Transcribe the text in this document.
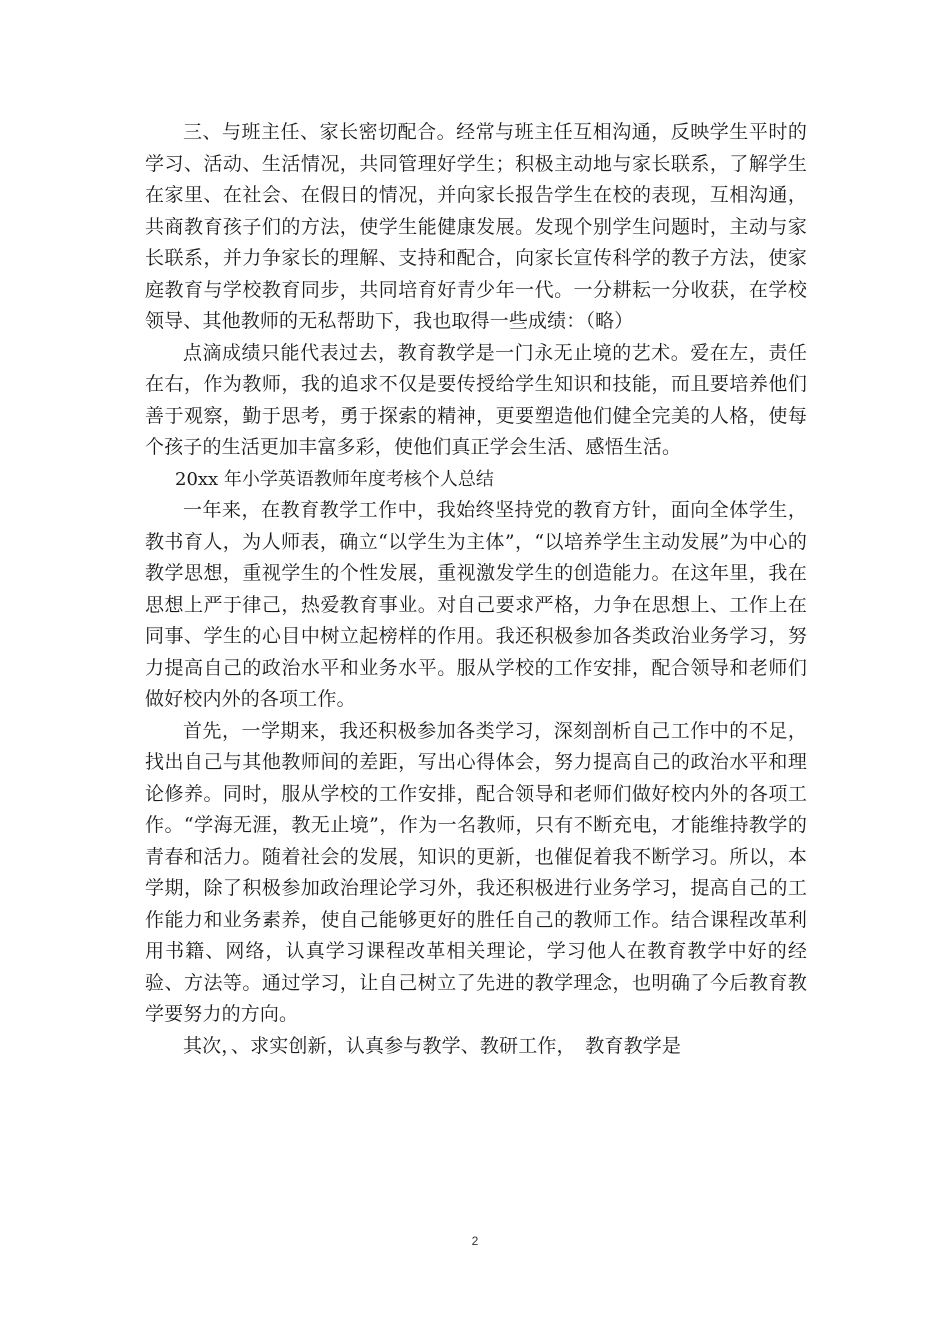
三、与班主任、家长密切配合。经常与班主任互相沟通，反映学生平时的学习、活动、生活情况，共同管理好学生；积极主动地与家长联系，了解学生在家里、在社会、在假日的情况，并向家长报告学生在校的表现，互相沟通，共商教育孩子们的方法，使学生能健康发展。发现个别学生问题时，主动与家长联系，并力争家长的理解、支持和配合，向家长宣传科学的教子方法，使家庭教育与学校教育同步，共同培育好青少年一代。一分耕耘一分收获，在学校领导、其他教师的无私帮助下，我也取得一些成绩：（略）

点滴成绩只能代表过去，教育教学是一门永无止境的艺术。爱在左，责任在右，作为教师，我的追求不仅是要传授给学生知识和技能，而且要培养他们善于观察，勤于思考，勇于探索的精神，更要塑造他们健全完美的人格，使每个孩子的生活更加丰富多彩，使他们真正学会生活、感悟生活。

20xx 年小学英语教师年度考核个人总结

一年来，在教育教学工作中，我始终坚持党的教育方针，面向全体学生，教书育人，为人师表，确立“以学生为主体”，“以培养学生主动发展”为中心的教学思想，重视学生的个性发展，重视激发学生的创造能力。在这年里，我在思想上严于律己，热爱教育事业。对自己要求严格，力争在思想上、工作上在同事、学生的心目中树立起榜样的作用。我还积极参加各类政治业务学习，努力提高自己的政治水平和业务水平。服从学校的工作安排，配合领导和老师们做好校内外的各项工作。

首先，一学期来，我还积极参加各类学习，深刻剖析自己工作中的不足，找出自己与其他教师间的差距，写出心得体会，努力提高自己的政治水平和理论修养。同时，服从学校的工作安排，配合领导和老师们做好校内外的各项工作。“学海无涯，教无止境”，作为一名教师，只有不断充电，才能维持教学的青春和活力。随着社会的发展，知识的更新，也催促着我不断学习。所以，本学期，除了积极参加政治理论学习外，我还积极进行业务学习，提高自己的工作能力和业务素养，使自己能够更好的胜任自己的教师工作。结合课程改革利用书籍、网络，认真学习课程改革相关理论，学习他人在教育教学中好的经验、方法等。通过学习，让自己树立了先进的教学理念，也明确了今后教育教学要努力的方向。

其次，、求实创新，认真参与教学、教研工作，　教育教学是

2
